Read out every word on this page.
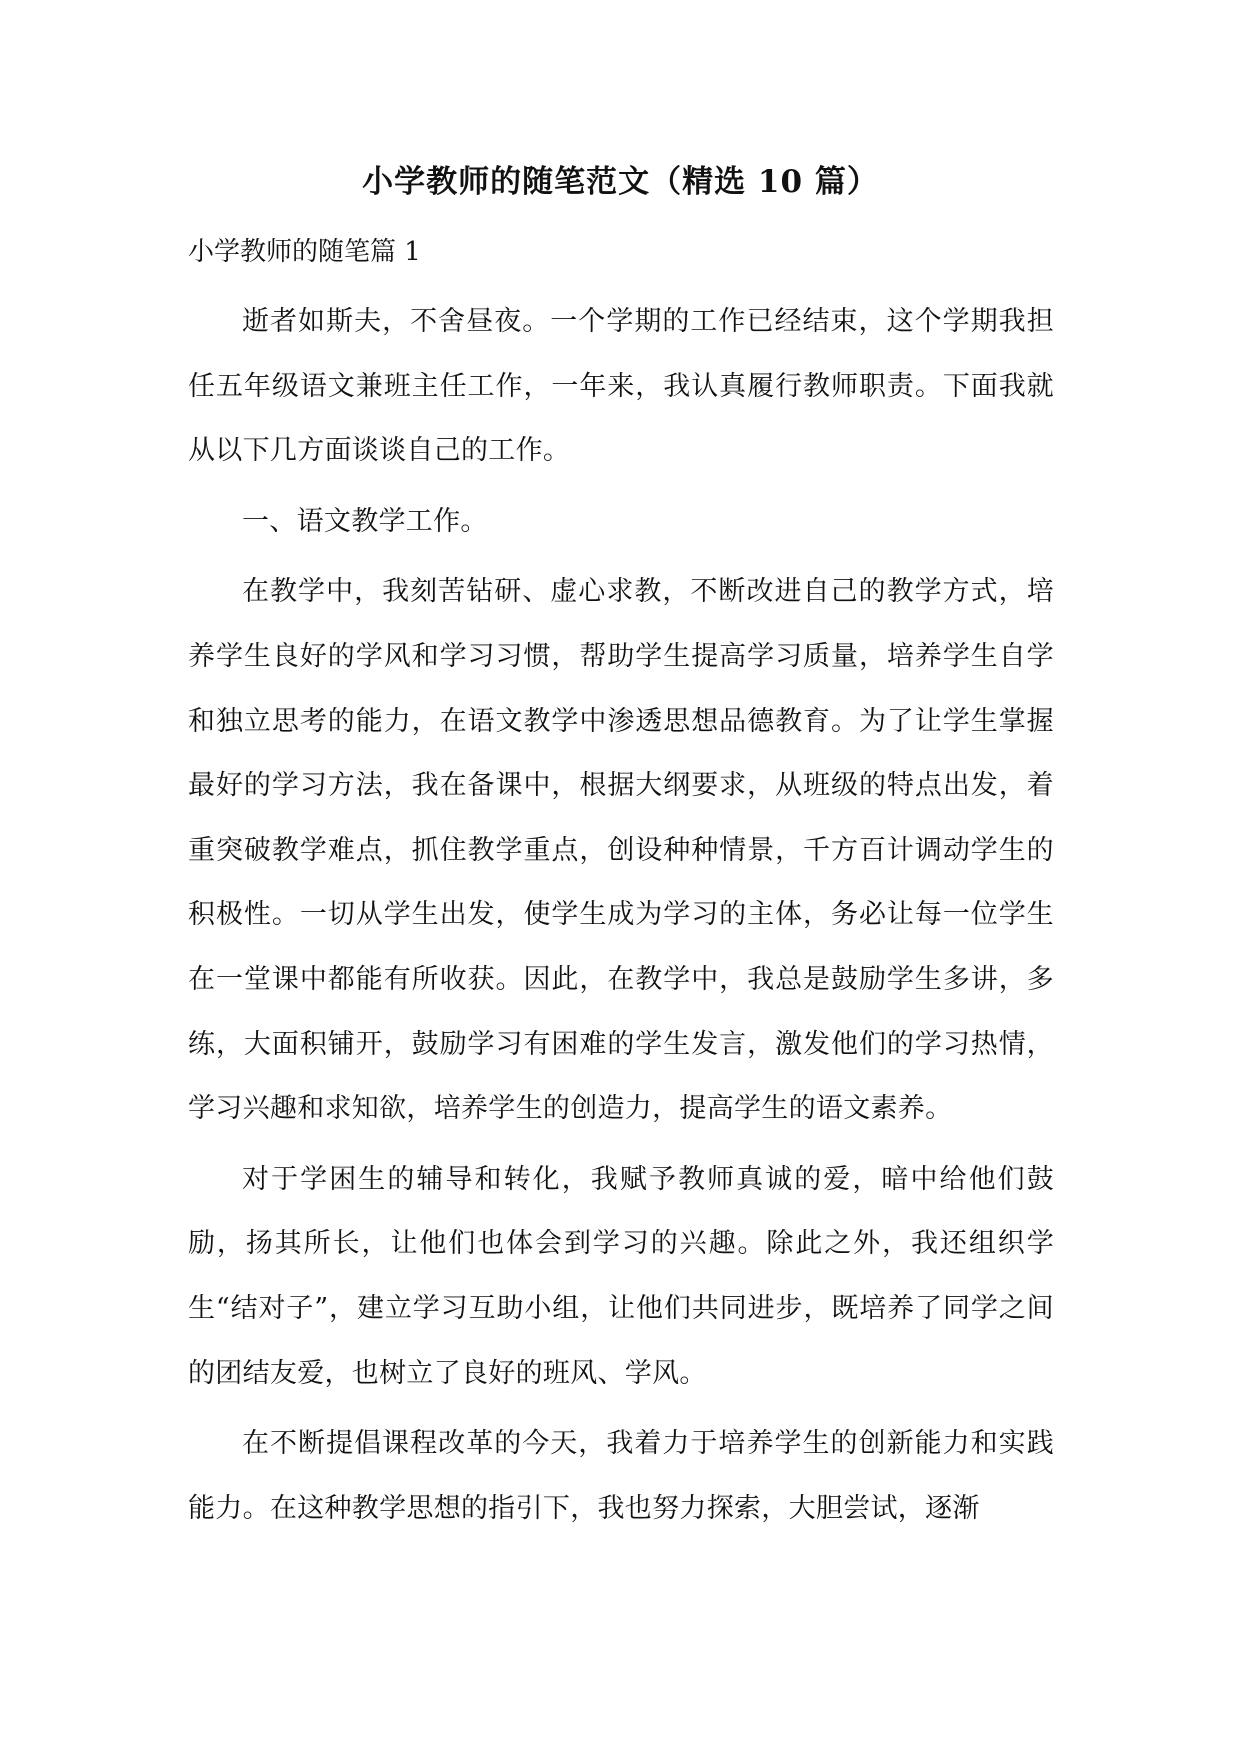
小学教师的随笔范文（精选 10 篇）

小学教师的随笔篇 1

逝者如斯夫，不舍昼夜。一个学期的工作已经结束，这个学期我担任五年级语文兼班主任工作，一年来，我认真履行教师职责。下面我就从以下几方面谈谈自己的工作。

一、语文教学工作。

在教学中，我刻苦钻研、虚心求教，不断改进自己的教学方式，培养学生良好的学风和学习习惯，帮助学生提高学习质量，培养学生自学和独立思考的能力，在语文教学中渗透思想品德教育。为了让学生掌握最好的学习方法，我在备课中，根据大纲要求，从班级的特点出发，着重突破教学难点，抓住教学重点，创设种种情景，千方百计调动学生的积极性。一切从学生出发，使学生成为学习的主体，务必让每一位学生在一堂课中都能有所收获。因此，在教学中，我总是鼓励学生多讲，多练，大面积铺开，鼓励学习有困难的学生发言，激发他们的学习热情，学习兴趣和求知欲，培养学生的创造力，提高学生的语文素养。

对于学困生的辅导和转化，我赋予教师真诚的爱，暗中给他们鼓励，扬其所长，让他们也体会到学习的兴趣。除此之外，我还组织学生“结对子”，建立学习互助小组，让他们共同进步，既培养了同学之间的团结友爱，也树立了良好的班风、学风。

在不断提倡课程改革的今天，我着力于培养学生的创新能力和实践能力。在这种教学思想的指引下，我也努力探索，大胆尝试，逐渐
